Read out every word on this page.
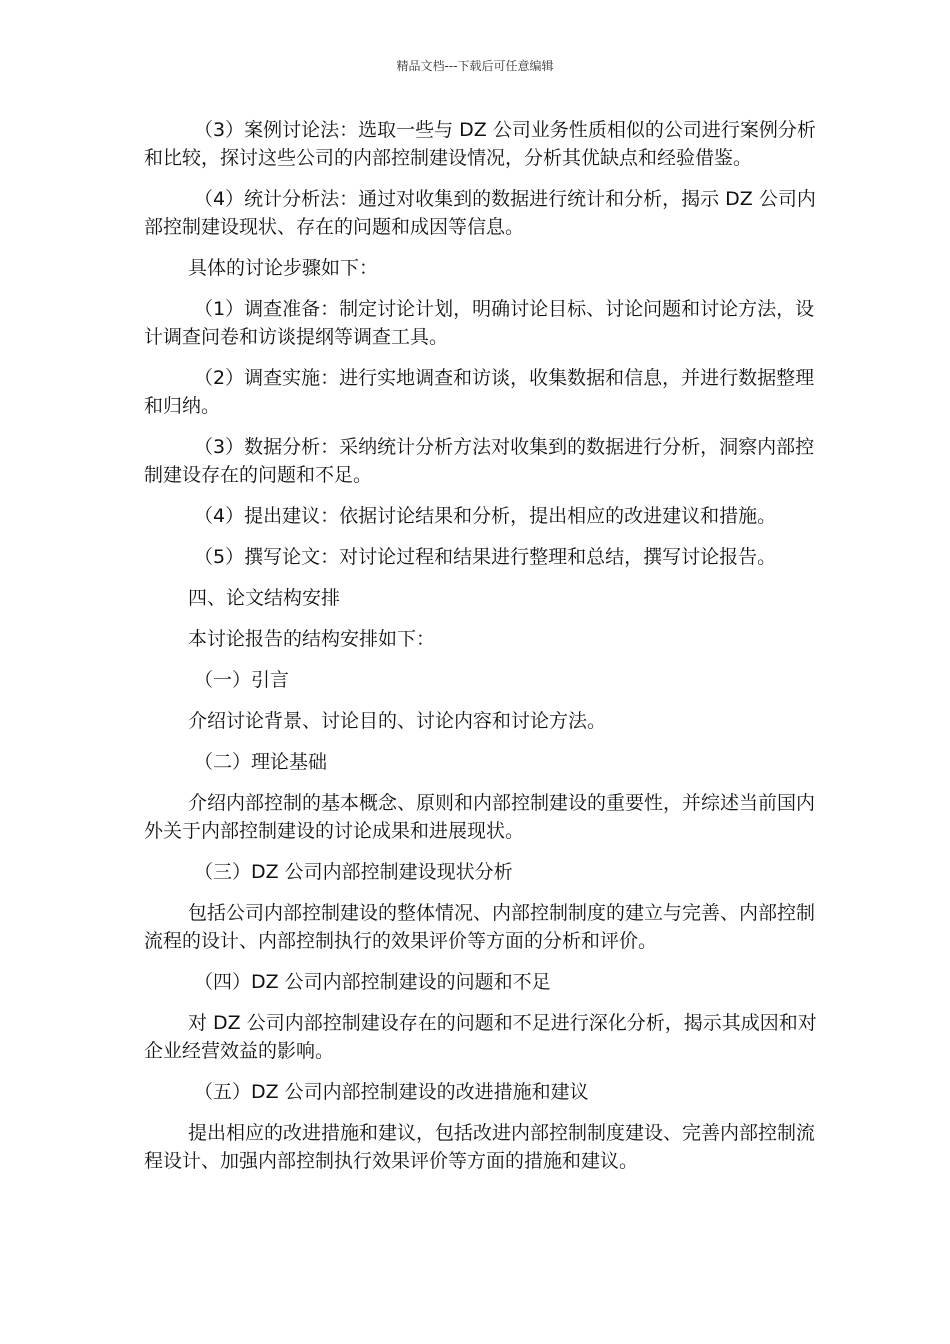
精品文档---下载后可任意编辑

（3）案例讨论法：选取一些与 DZ 公司业务性质相似的公司进行案例分析和比较，探讨这些公司的内部控制建设情况，分析其优缺点和经验借鉴。

（4）统计分析法：通过对收集到的数据进行统计和分析，揭示 DZ 公司内部控制建设现状、存在的问题和成因等信息。

具体的讨论步骤如下：

（1）调查准备：制定讨论计划，明确讨论目标、讨论问题和讨论方法，设计调查问卷和访谈提纲等调查工具。

（2）调查实施：进行实地调查和访谈，收集数据和信息，并进行数据整理和归纳。

（3）数据分析：采纳统计分析方法对收集到的数据进行分析，洞察内部控制建设存在的问题和不足。

（4）提出建议：依据讨论结果和分析，提出相应的改进建议和措施。

（5）撰写论文：对讨论过程和结果进行整理和总结，撰写讨论报告。

四、论文结构安排

本讨论报告的结构安排如下：

（一）引言

介绍讨论背景、讨论目的、讨论内容和讨论方法。

（二）理论基础

介绍内部控制的基本概念、原则和内部控制建设的重要性，并综述当前国内外关于内部控制建设的讨论成果和进展现状。

（三）DZ 公司内部控制建设现状分析

包括公司内部控制建设的整体情况、内部控制制度的建立与完善、内部控制流程的设计、内部控制执行的效果评价等方面的分析和评价。

（四）DZ 公司内部控制建设的问题和不足

对 DZ 公司内部控制建设存在的问题和不足进行深化分析，揭示其成因和对企业经营效益的影响。

（五）DZ 公司内部控制建设的改进措施和建议

提出相应的改进措施和建议，包括改进内部控制制度建设、完善内部控制流程设计、加强内部控制执行效果评价等方面的措施和建议。
